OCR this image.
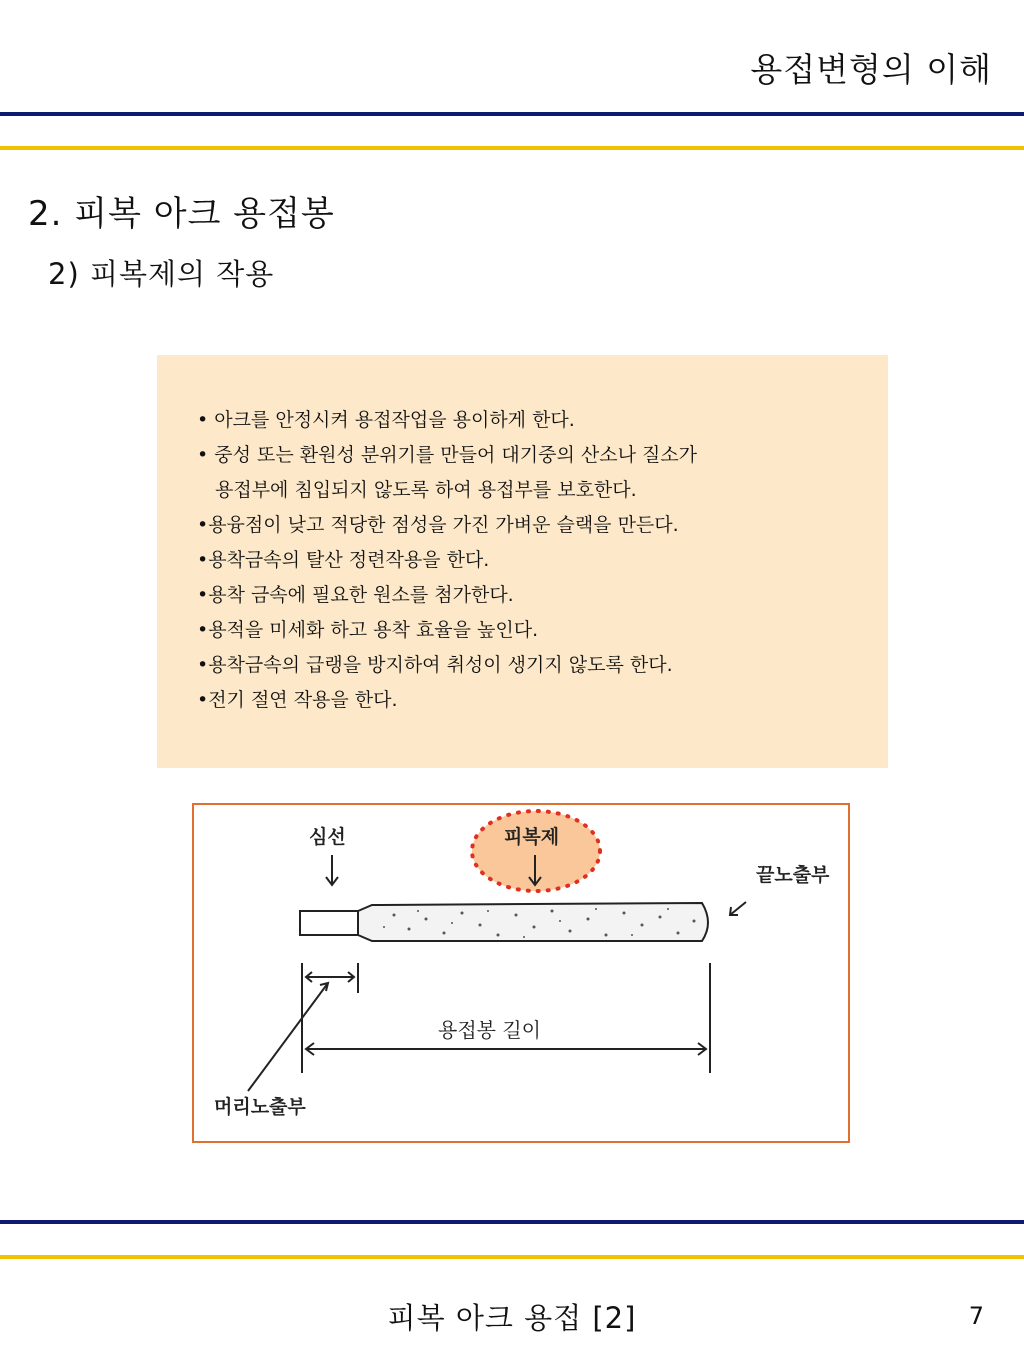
용접변형의 이해
2. 피복 아크 용접봉
2) 피복제의 작용
• 아크를 안정시켜 용접작업을 용이하게 한다.
• 중성 또는 환원성 분위기를 만들어 대기중의 산소나 질소가
용접부에 침입되지 않도록 하여 용접부를 보호한다.
•용융점이 낮고 적당한 점성을 가진 가벼운 슬랙을 만든다.
•용착금속의 탈산 정련작용을 한다.
•용착 금속에 필요한 원소를 첨가한다.
•용적을 미세화 하고 용착 효율을 높인다.
•용착금속의 급랭을 방지하여 취성이 생기지 않도록 한다.
•전기 절연 작용을 한다.
심선	피복제
끝노출부
용접봉 길이
머리노출부
피복 아크 용접 [2]	7
